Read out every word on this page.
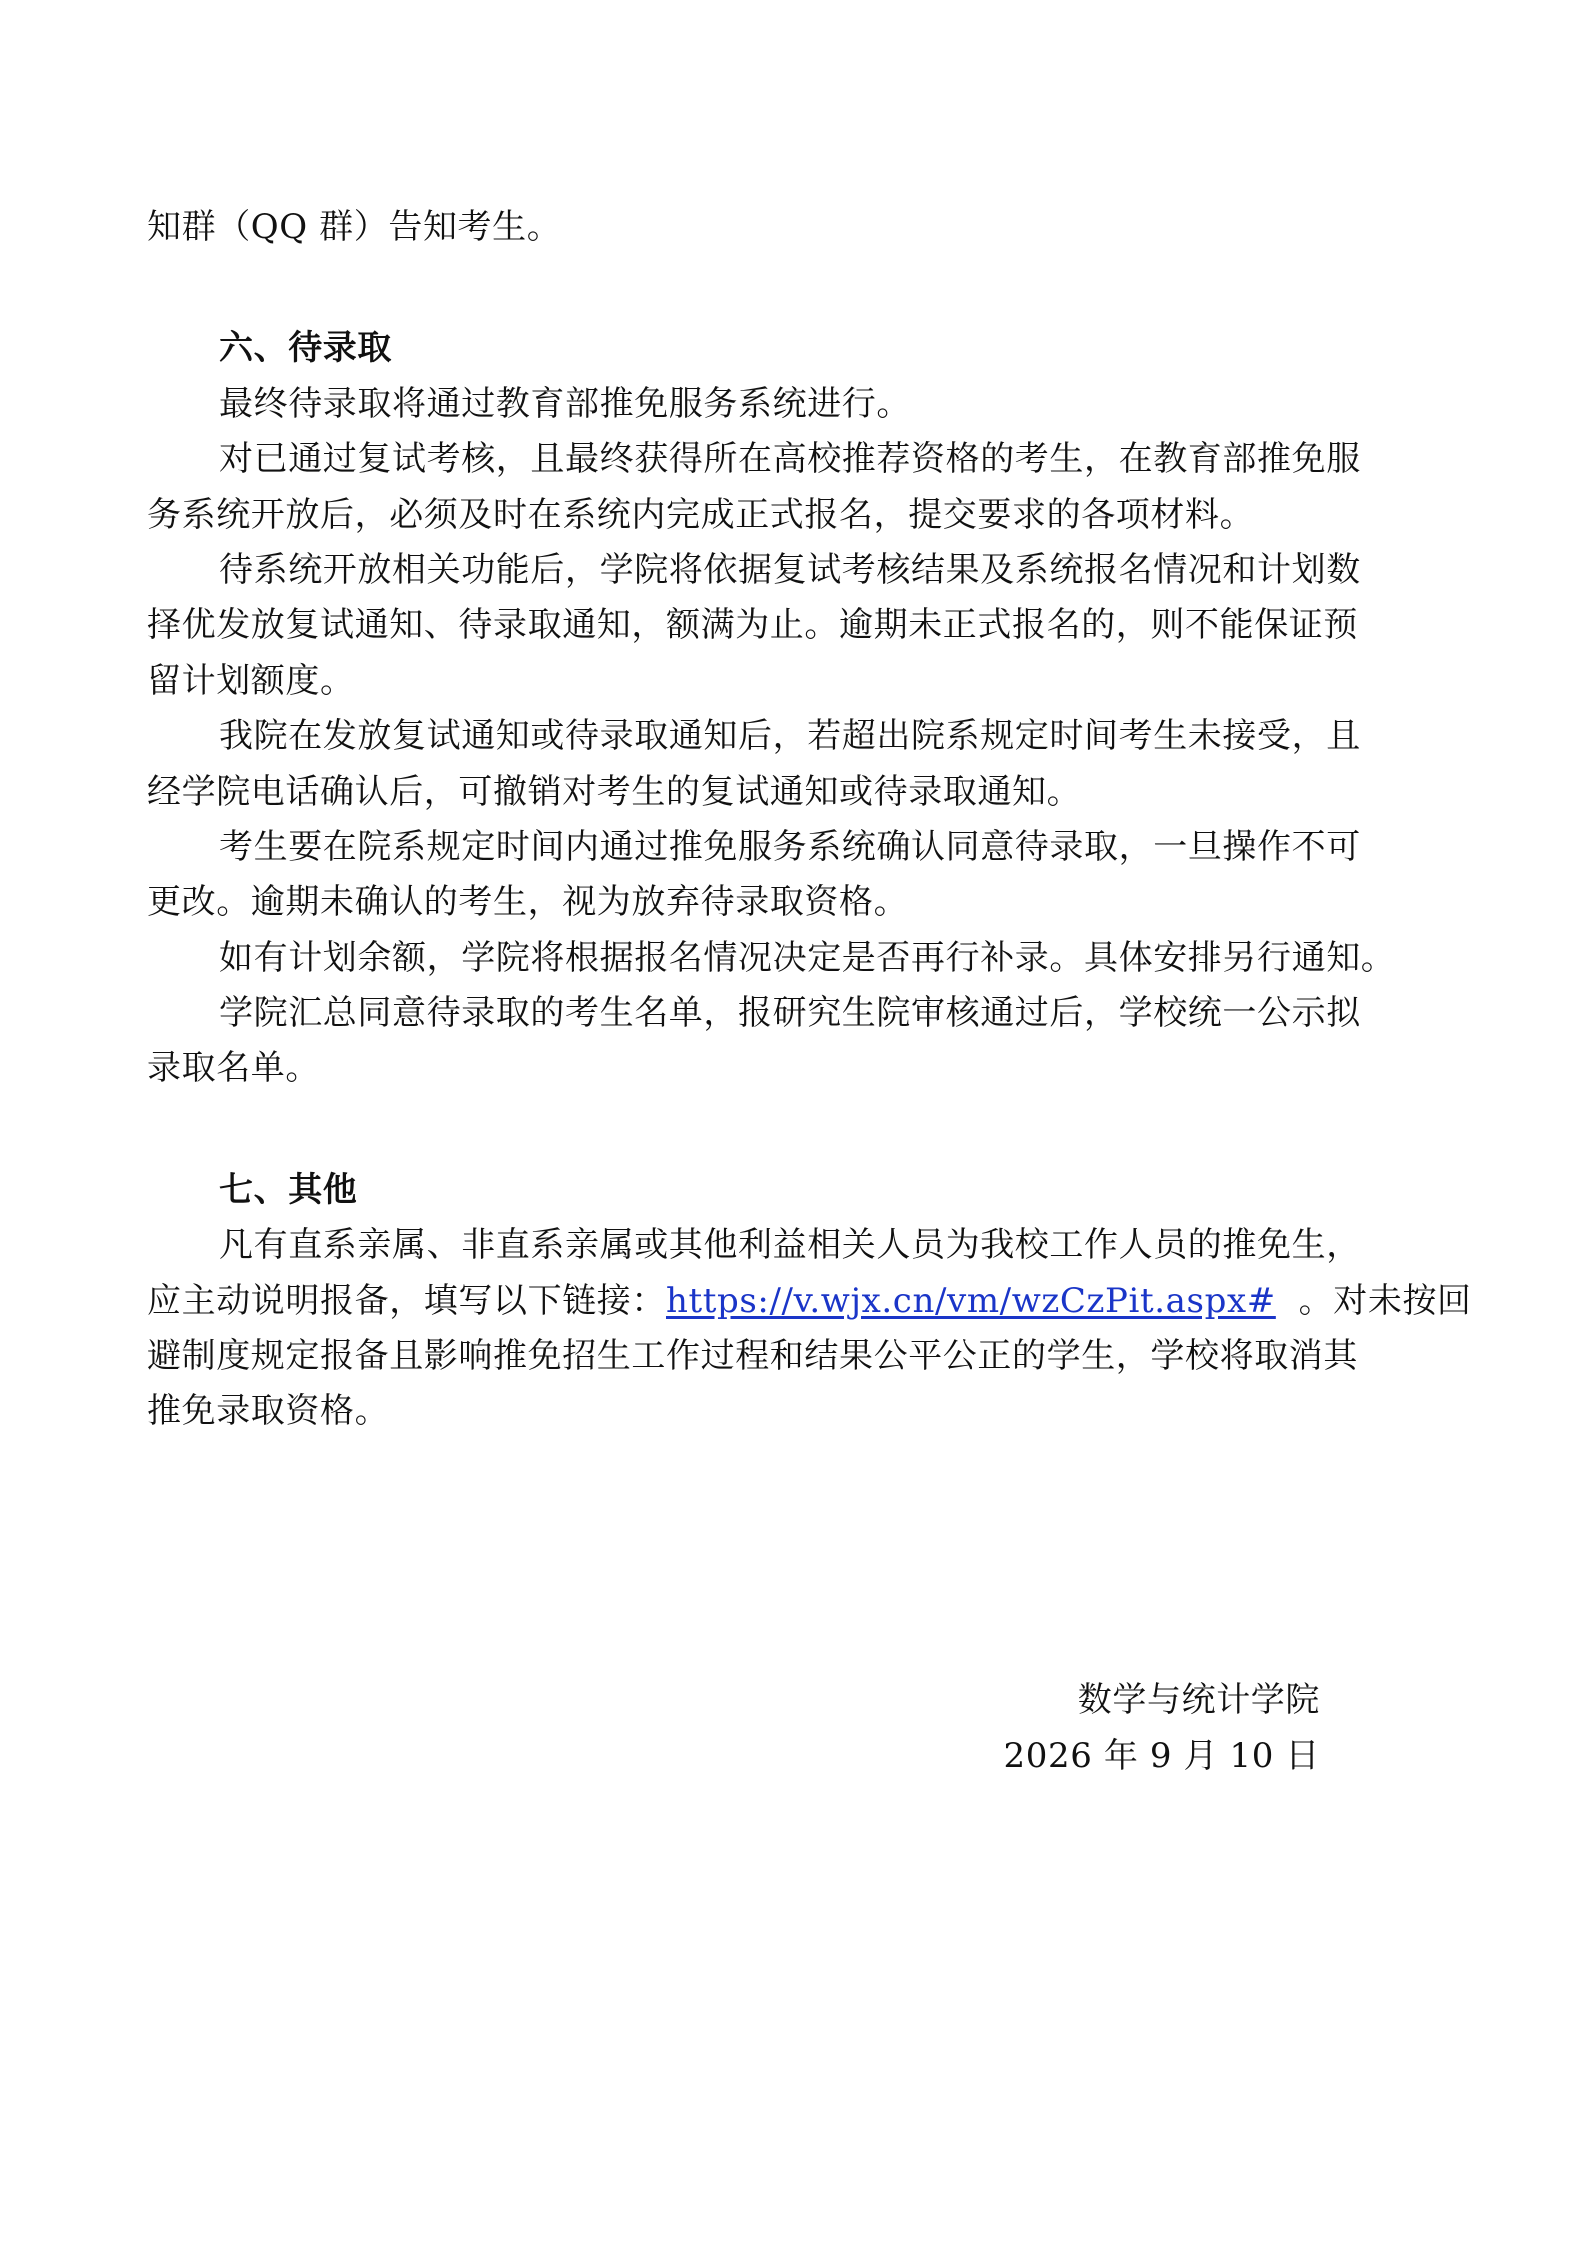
知群（QQ 群）告知考生。
六、待录取
最终待录取将通过教育部推免服务系统进行。
对已通过复试考核，且最终获得所在高校推荐资格的考生，在教育部推免服
务系统开放后，必须及时在系统内完成正式报名，提交要求的各项材料。
待系统开放相关功能后，学院将依据复试考核结果及系统报名情况和计划数
择优发放复试通知、待录取通知，额满为止。逾期未正式报名的，则不能保证预
留计划额度。
我院在发放复试通知或待录取通知后，若超出院系规定时间考生未接受，且
经学院电话确认后，可撤销对考生的复试通知或待录取通知。
考生要在院系规定时间内通过推免服务系统确认同意待录取，一旦操作不可
更改。逾期未确认的考生，视为放弃待录取资格。
如有计划余额，学院将根据报名情况决定是否再行补录。具体安排另行通知。
学院汇总同意待录取的考生名单，报研究生院审核通过后，学校统一公示拟
录取名单。
七、其他
凡有直系亲属、非直系亲属或其他利益相关人员为我校工作人员的推免生，
应主动说明报备，填写以下链接：https://v.wjx.cn/vm/wzCzPit.aspx#  。对未按回
避制度规定报备且影响推免招生工作过程和结果公平公正的学生，学校将取消其
推免录取资格。
数学与统计学院
2026 年 9 月 10 日
